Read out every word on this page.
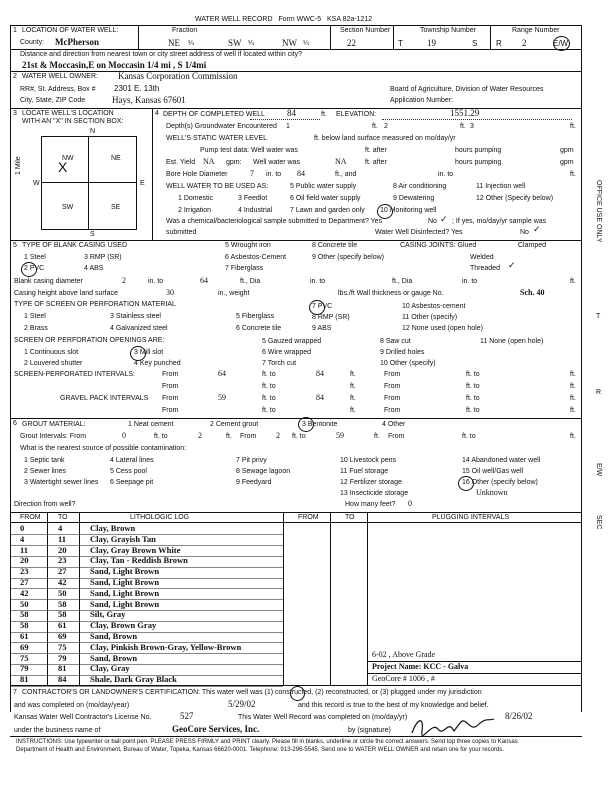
WATER WELL RECORD Form WWC-5 KSA 82a-1212
1 LOCATION OF WATER WELL:	Fraction	Section Number	Township Number	Range Number
County: McPherson	NE ¼	SW ¼	NW ¼	22	T	19	S R 2	E/W
Distance and direction from nearest town or city street address of well if located within city?
21st & Moccasin,E on Moccasin 1/4 mi , S 1/4mi
2 WATER WELL OWNER: Kansas Corporation Commission
RR#, St. Address, Box # 2301 E. 13th	Board of Agriculture, Division of Water Resources
City, State, ZIP Code	Hays, Kansas 67601	Application Number:
3 LOCATE WELL'S LOCATION
WITH AN "X" IN SECTION BOX:
N
S
W	E
NW	NE
SW	SE
X
1 Mile
4 DEPTH OF COMPLETED WELL 84	ft. ELEVATION:	1551.29
Depth(s) Groundwater Encountered 1	ft. 2	ft. 3	ft.
WELL'S STATIC WATER LEVEL	ft. below land surface measured on mo/day/yr
Pump test data: Well water was	ft. after	hours pumping	gpm
Est. Yield NA gpm: Well water was	NA	ft. after	hours pumping	gpm
Bore Hole Diameter	7 in. to 84	ft., and	in. to	ft.
WELL WATER TO BE USED AS:	5 Public water supply	8 Air conditioning	11 Injection well
1 Domestic	3 Feedlot	6 Oil field water supply	9 Dewatering	12 Other (Specify below)
2 Irrigation	4 Industrial	7 Lawn and garden only 10 Monitoring well
Was a chemical/bacteriological sample submitted to Department? Yes	No ✓ ; If yes, mo/day/yr sample was
submitted	Water Well Disinfected? Yes	No ✓
5 TYPE OF BLANK CASING USED	5 Wrought iron	8 Concrete tile	CASING JOINTS: Glued	Clamped
1 Steel	3 RMP (SR)	6 Asbestos-Cement	9 Other (specify below)	Welded
2 PVC	4 ABS	7 Fiberglass	Threaded ✓
Blank casing diameter	2	in. to	64	ft., Dia	in. to	ft., Dia	in. to	ft.
Casing height above land surface	30	in., weight	lbs./ft Wall thickness or gauge No.	Sch. 40
TYPE OF SCREEN OR PERFORATION MATERIAL
1 Steel	3 Stainless steel	5 Fiberglass
7 PVC	10 Asbestos-cement
2 Brass	4 Galvanized steel	6 Concrete tile
8 RMP (SR)	11 Other (specify)
9 ABS	12 None used (open hole)
SCREEN OR PERFORATION OPENINGS ARE:	5 Gauzed wrapped	8 Saw cut	11 None (open hole)
1 Continuous slot	3 Mill slot	6 Wire wrapped	9 Drilled holes
2 Louvered shutter	4 Key punched	7 Torch cut	10 Other (specify)
SCREEN-PERFORATED INTERVALS:	From	64	ft. to	84	ft.	From	ft. to	ft.
From	ft. to	ft.	From	ft. to	ft.
GRAVEL PACK INTERVALS From	59	ft. to	84	ft.	From	ft. to	ft.
From	ft. to	ft.	From	ft. to	ft.
6 GROUT MATERIAL:	1 Neat cement	2 Cement grout	3 Bentonite	4 Other
Grout Intervals: From	0	ft. to	2	ft. From 2 ft. to	59	ft. From	ft. to	ft.
What is the nearest source of possible contamination:
1 Septic tank	4 Lateral lines	7 Pit privy	10 Livestock pens	14 Abandoned water well
2 Sewer lines	5 Cess pool	8 Sewage lagoon	11 Fuel storage	15 Oil well/Gas well
3 Watertight sewer lines 6 Seepage pit	9 Feedyard	12 Fertilizer storage	16 Other (specify below)
13 Insecticide storage	Unknown
Direction from well?	How many feet? 0
FROM TO	LITHOLOGIC LOG	FROM	TO	PLUGGING INTERVALS
0	4	Clay, Brown
4	11	Clay, Grayish Tan
11	20	Clay, Gray Brown White
20	23	Clay, Tan - Reddish Brown
23	27	Sand, Light Brown
27	42	Sand, Light Brown
42	50	Sand, Light Brown
50	58	Sand, Light Brown
58	58	Silt, Gray
58	61	Clay, Brown Gray
61	69	Sand, Brown
69	75	Clay, Pinkish Brown-Gray, Yellow-Brown
75	79	Sand, Brown
79	81	Clay, Gray
81	84	Shale, Dark Gray Black
6-02 , Above Grade
Project Name: KCC - Galva
GeoCore # 1006 , #
7 CONTRACTOR'S OR LANDOWNER'S CERTIFICATION: This water well was (1) constructed, (2) reconstructed, or (3) plugged under my jurisdiction
and was completed on (mo/day/year)	5/29/02	and this record is true to the best of my knowledge and belief.
Kansas Water Well Contractor's License No.	527	This Water Well Record was completed on (mo/day/yr)	8/26/02
under the business name of	GeoCore Services, Inc.	by (signature)
INSTRUCTIONS: Use typewriter or ball point pen. PLEASE PRESS FIRMLY and PRINT clearly. Please fill in blanks, underline or circle the correct answers. Send top three copies to Kansas
Department of Health and Environment, Bureau of Water, Topeka, Kansas 66620-0001. Telephone: 913-296-5545. Send one to WATER WELL OWNER and retain one for your records.
OFFICE USE ONLY
T
R
E/W
SEC
